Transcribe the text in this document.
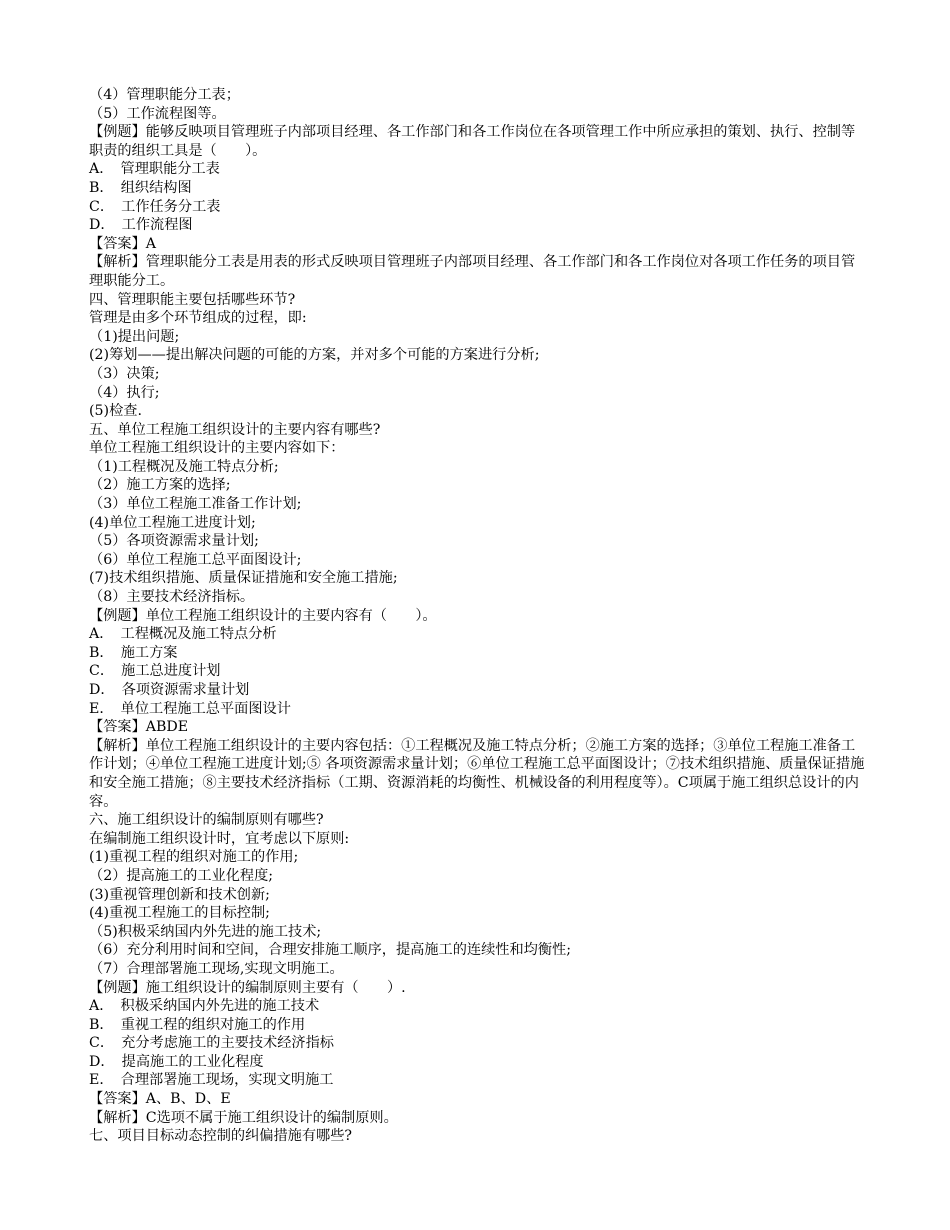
（4）管理职能分工表；
（5）工作流程图等。
【例题】能够反映项目管理班子内部项目经理、各工作部门和各工作岗位在各项管理工作中所应承担的策划、执行、控制等职责的组织工具是（　　）。
A．　管理职能分工表
B．　组织结构图
C．　工作任务分工表
D．　工作流程图
【答案】A
【解析】管理职能分工表是用表的形式反映项目管理班子内部项目经理、各工作部门和各工作岗位对各项工作任务的项目管理职能分工。
四、管理职能主要包括哪些环节?
管理是由多个环节组成的过程，即:
（1)提出问题;
(2)筹划——提出解决问题的可能的方案，并对多个可能的方案进行分析;
（3）决策;
（4）执行;
(5)检查.
五、单位工程施工组织设计的主要内容有哪些?
单位工程施工组织设计的主要内容如下：
（1)工程概况及施工特点分析;
（2）施工方案的选择;
（3）单位工程施工准备工作计划;
(4)单位工程施工进度计划;
（5）各项资源需求量计划;
（6）单位工程施工总平面图设计;
(7)技术组织措施、质量保证措施和安全施工措施;
（8）主要技术经济指标。
【例题】单位工程施工组织设计的主要内容有（　　）。
A．　工程概况及施工特点分析
B．　施工方案
C．　施工总进度计划
D．　各项资源需求量计划
E．　单位工程施工总平面图设计
【答案】ABDE
【解析】单位工程施工组织设计的主要内容包括：①工程概况及施工特点分析；②施工方案的选择；③单位工程施工准备工作计划；④单位工程施工进度计划;⑤ 各项资源需求量计划；⑥单位工程施工总平面图设计；⑦技术组织措施、质量保证措施和安全施工措施；⑧主要技术经济指标（工期、资源消耗的均衡性、机械设备的利用程度等）。C项属于施工组织总设计的内容。
六、施工组织设计的编制原则有哪些?
在编制施工组织设计时，宜考虑以下原则:
(1)重视工程的组织对施工的作用;
（2）提高施工的工业化程度;
(3)重视管理创新和技术创新;
(4)重视工程施工的目标控制;
（5)积极采纳国内外先进的施工技术;
（6）充分利用时间和空间，合理安排施工顺序，提高施工的连续性和均衡性;
（7）合理部署施工现场,实现文明施工。
【例题】施工组织设计的编制原则主要有（　　）.
A．　积极采纳国内外先进的施工技术
B．　重视工程的组织对施工的作用
C．　充分考虑施工的主要技术经济指标
D．　提高施工的工业化程度
E．　合理部署施工现场，实现文明施工
【答案】A、B、D、E
【解析】C选项不属于施工组织设计的编制原则。
七、项目目标动态控制的纠偏措施有哪些?
